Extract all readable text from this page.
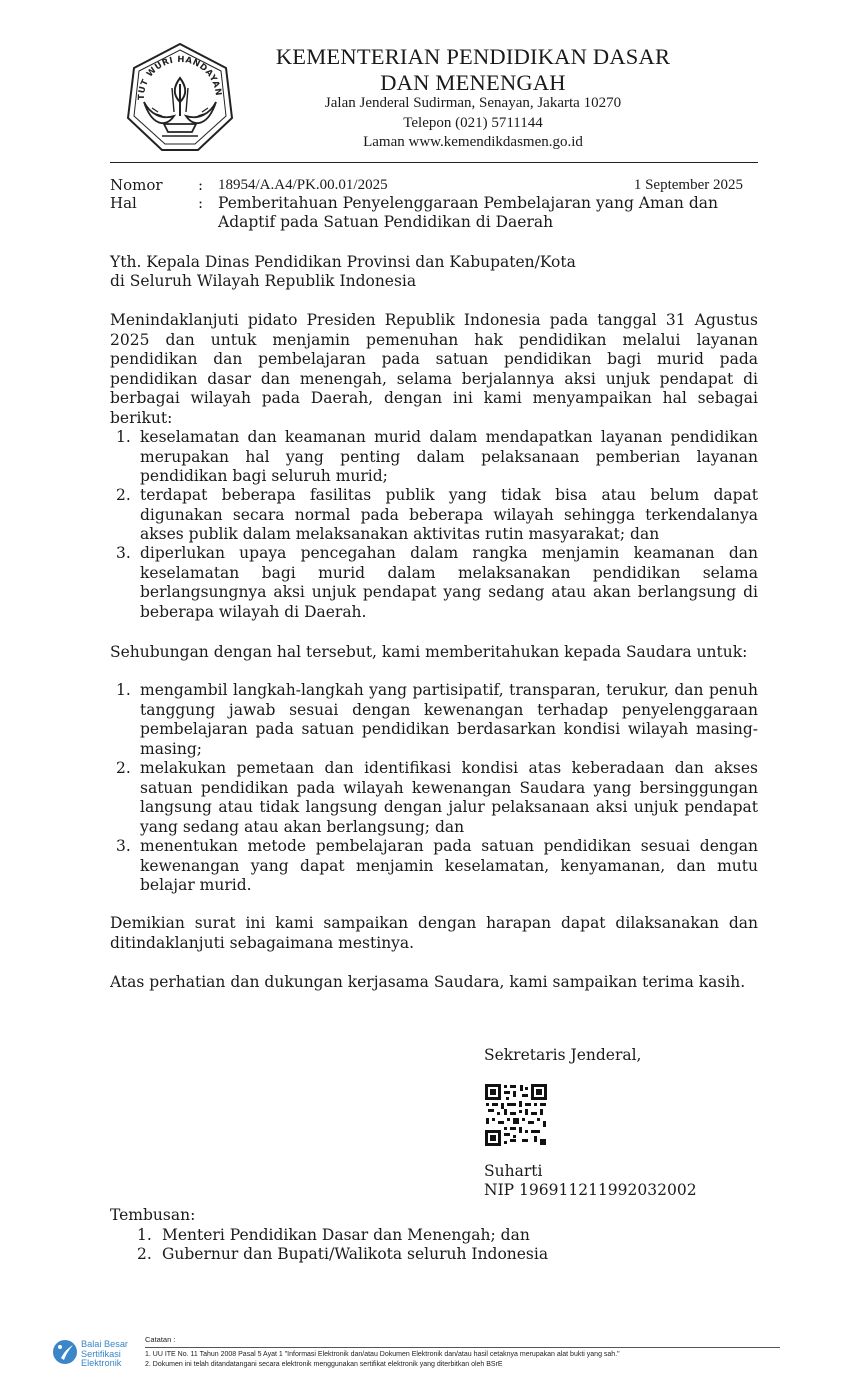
TUT WURI HANDAYAN
KEMENTERIAN PENDIDIKAN DASAR
DAN MENENGAH
Jalan Jenderal Sudirman, Senayan, Jakarta 10270
Telepon (021) 5711144
Laman www.kemendikdasmen.go.id
Nomor : 18954/A.A4/PK.00.01/2025	1 September 2025
Hal	: Pemberitahuan Penyelenggaraan Pembelajaran yang Aman dan
Adaptif pada Satuan Pendidikan di Daerah
Yth. Kepala Dinas Pendidikan Provinsi dan Kabupaten/Kota
di Seluruh Wilayah Republik Indonesia
Menindaklanjuti pidato Presiden Republik Indonesia pada tanggal 31 Agustus 2025 dan untuk menjamin pemenuhan hak pendidikan melalui layanan pendidikan dan pembelajaran pada satuan pendidikan bagi murid pada pendidikan dasar dan menengah, selama berjalannya aksi unjuk pendapat di berbagai wilayah pada Daerah, dengan ini kami menyampaikan hal sebagai berikut:
1. keselamatan dan keamanan murid dalam mendapatkan layanan pendidikan merupakan hal yang penting dalam pelaksanaan pemberian layanan pendidikan bagi seluruh murid;
2. terdapat beberapa fasilitas publik yang tidak bisa atau belum dapat digunakan secara normal pada beberapa wilayah sehingga terkendalanya akses publik dalam melaksanakan aktivitas rutin masyarakat; dan
3. diperlukan upaya pencegahan dalam rangka menjamin keamanan dan keselamatan bagi murid dalam melaksanakan pendidikan selama berlangsungnya aksi unjuk pendapat yang sedang atau akan berlangsung di beberapa wilayah di Daerah.
Sehubungan dengan hal tersebut, kami memberitahukan kepada Saudara untuk:
1. mengambil langkah-langkah yang partisipatif, transparan, terukur, dan penuh tanggung jawab sesuai dengan kewenangan terhadap penyelenggaraan pembelajaran pada satuan pendidikan berdasarkan kondisi wilayah masing-masing;
2. melakukan pemetaan dan identifikasi kondisi atas keberadaan dan akses satuan pendidikan pada wilayah kewenangan Saudara yang bersinggungan langsung atau tidak langsung dengan jalur pelaksanaan aksi unjuk pendapat yang sedang atau akan berlangsung; dan
3. menentukan metode pembelajaran pada satuan pendidikan sesuai dengan kewenangan yang dapat menjamin keselamatan, kenyamanan, dan mutu belajar murid.
Demikian surat ini kami sampaikan dengan harapan dapat dilaksanakan dan ditindaklanjuti sebagaimana mestinya.
Atas perhatian dan dukungan kerjasama Saudara, kami sampaikan terima kasih.
Sekretaris Jenderal,
Suharti
NIP 196911211992032002
Tembusan:
1. Menteri Pendidikan Dasar dan Menengah; dan
2. Gubernur dan Bupati/Walikota seluruh Indonesia
Balai Besar
Sertifikasi
Elektronik
Catatan :
1. UU ITE No. 11 Tahun 2008 Pasal 5 Ayat 1 "Informasi Elektronik dan/atau Dokumen Elektronik dan/atau hasil cetaknya merupakan alat bukti yang sah."
2. Dokumen ini telah ditandatangani secara elektronik menggunakan sertifikat elektronik yang diterbitkan oleh BSrE
